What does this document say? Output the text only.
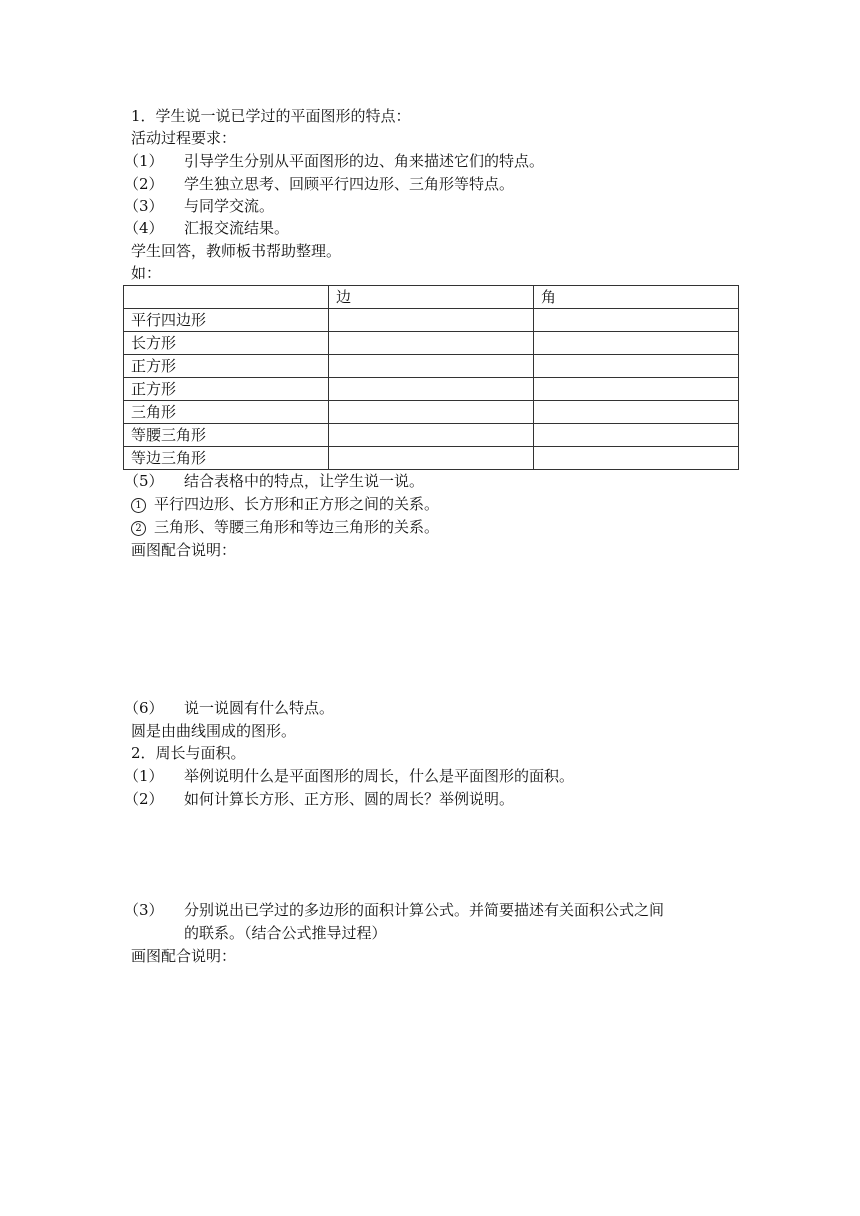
1．学生说一说已学过的平面图形的特点：
活动过程要求：
（1） 引导学生分别从平面图形的边、角来描述它们的特点。
（2） 学生独立思考、回顾平行四边形、三角形等特点。
（3） 与同学交流。
（4） 汇报交流结果。
学生回答，教师板书帮助整理。
如：
	边	角
平行四边形		
长方形		
正方形		
正方形		
三角形		
等腰三角形		
等边三角形		
（5） 结合表格中的特点，让学生说一说。
1 平行四边形、长方形和正方形之间的关系。
2 三角形、等腰三角形和等边三角形的关系。
画图配合说明：
（6） 说一说圆有什么特点。
圆是由曲线围成的图形。
2．周长与面积。
（1） 举例说明什么是平面图形的周长，什么是平面图形的面积。
（2） 如何计算长方形、正方形、圆的周长？举例说明。
（3） 分别说出已学过的多边形的面积计算公式。并简要描述有关面积公式之间
的联系。（结合公式推导过程）
画图配合说明：
